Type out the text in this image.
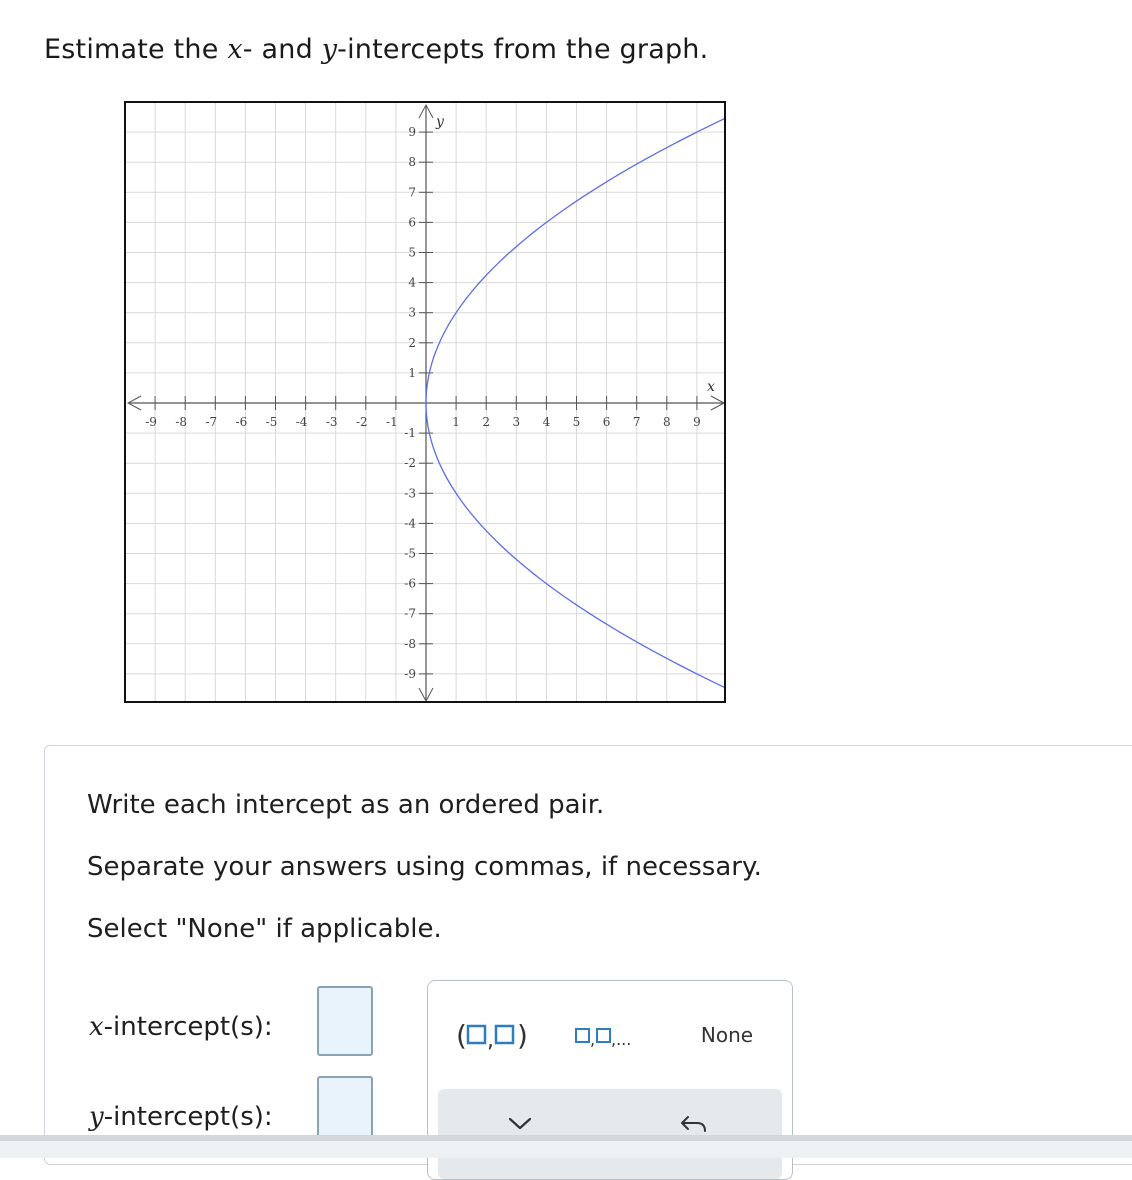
Estimate the x- and y-intercepts from the graph.
-9 -8 -7 -6 -5 -4 -3 -2 -1	1 2 3 4 5 6 7 8 9
9
8
7
6
5
4
3
2
1
-1
-2
-3
-4
-5
-6
-7
-8
-9
x
y

Write each intercept as an ordered pair.

Separate your answers using commas, if necessary.

Select "None" if applicable.

x-intercept(s):

y-intercept(s):

( , )	, ,...	None
